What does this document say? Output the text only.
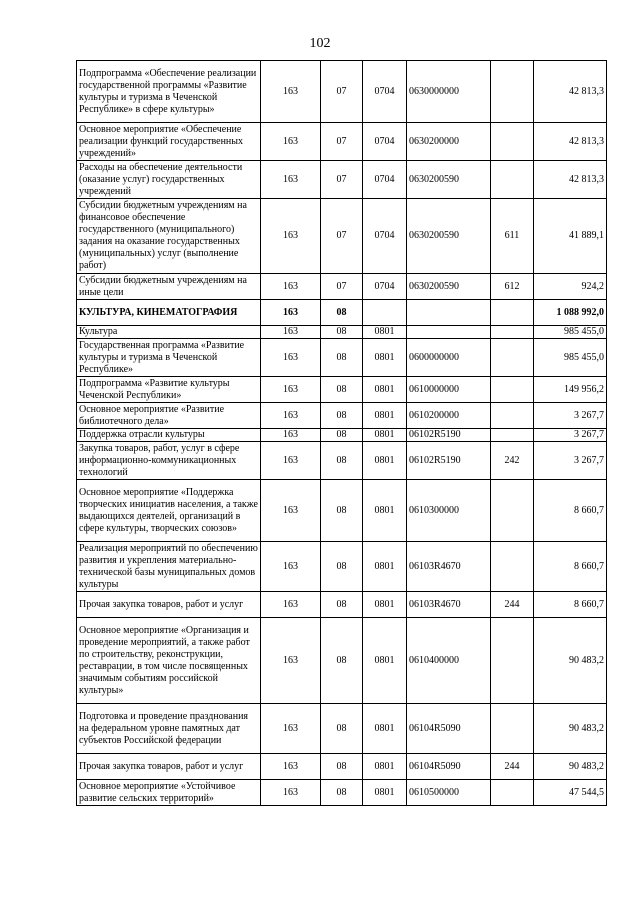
102
Подпрограмма «Обеспечение реализации государственной программы «Развитие культуры и туризма в Чеченской Республике» в сфере культуры»	163	07	0704	0630000000		42 813,3
Основное мероприятие «Обеспечение реализации функций государственных учреждений»	163	07	0704	0630200000		42 813,3
Расходы на обеспечение деятельности (оказание услуг) государственных учреждений	163	07	0704	0630200590		42 813,3
Субсидии бюджетным учреждениям на финансовое обеспечение государственного (муниципального) задания на оказание государственных (муниципальных) услуг (выполнение работ)	163	07	0704	0630200590	611	41 889,1
Субсидии бюджетным учреждениям на иные цели	163	07	0704	0630200590	612	924,2
КУЛЬТУРА, КИНЕМАТОГРАФИЯ	163	08				1 088 992,0
Культура	163	08	0801			985 455,0
Государственная программа «Развитие культуры и туризма в Чеченской Республике»	163	08	0801	0600000000		985 455,0
Подпрограмма «Развитие культуры Чеченской Республики»	163	08	0801	0610000000		149 956,2
Основное мероприятие «Развитие библиотечного дела»	163	08	0801	0610200000		3 267,7
Поддержка отрасли культуры	163	08	0801	06102R5190		3 267,7
Закупка товаров, работ, услуг в сфере информационно-коммуникационных технологий	163	08	0801	06102R5190	242	3 267,7
Основное мероприятие «Поддержка творческих инициатив населения, а также выдающихся деятелей, организаций в сфере культуры, творческих союзов»	163	08	0801	0610300000		8 660,7
Реализация мероприятий по обеспечению развития и укрепления материально-технической базы муниципальных домов культуры	163	08	0801	06103R4670		8 660,7
Прочая закупка товаров, работ и услуг	163	08	0801	06103R4670	244	8 660,7
Основное мероприятие «Организация и проведение мероприятий, а также работ по строительству, реконструкции, реставрации, в том числе посвященных значимым событиям российской культуры»	163	08	0801	0610400000		90 483,2
Подготовка и проведение празднования на федеральном уровне памятных дат субъектов Российской федерации	163	08	0801	06104R5090		90 483,2
Прочая закупка товаров, работ и услуг	163	08	0801	06104R5090	244	90 483,2
Основное мероприятие «Устойчивое развитие сельских территорий»	163	08	0801	0610500000		47 544,5
